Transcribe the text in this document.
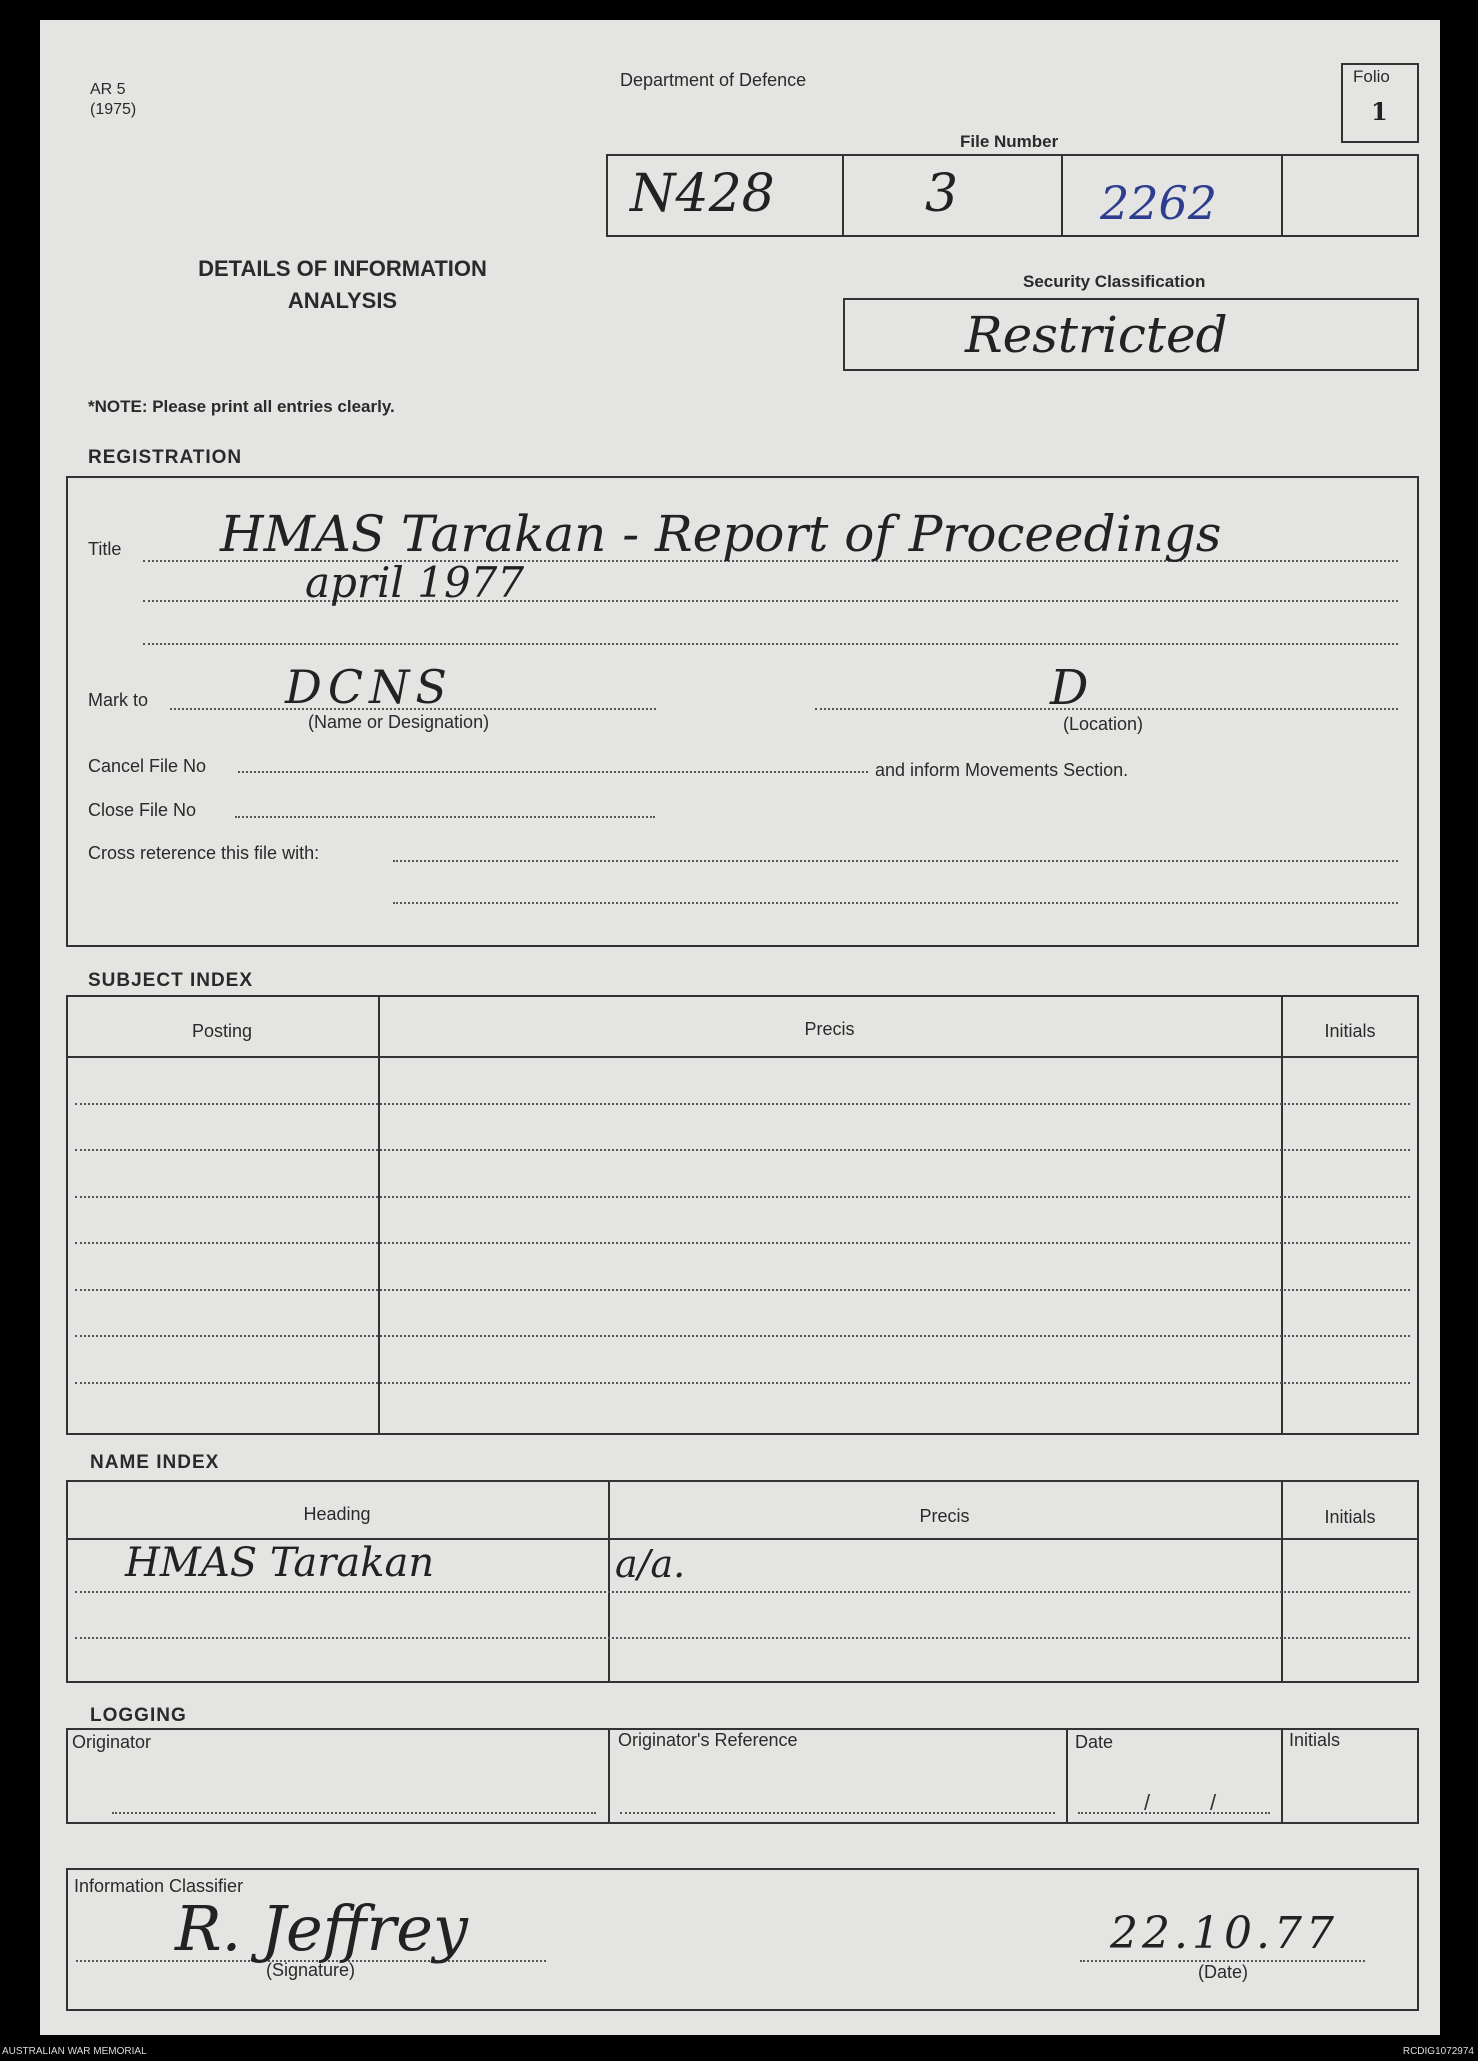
AR 5
(1975)
Department of Defence	Folio
1
File Number
N428	3	2262
DETAILS OF INFORMATION
ANALYSIS
Security Classification
Restricted
*NOTE: Please print all entries clearly.
REGISTRATION
Title HMAS Tarakan - Report of Proceedings
april 1977
Mark to	DCNS
(Name or Designation)
D
(Location)
Cancel File No	and inform Movements Section.
Close File No
Cross reterence this file with:
SUBJECT INDEX
Posting	Precis	Initials
NAME INDEX
Heading	Precis	Initials
HMAS Tarakan	a/a.
LOGGING
Originator	Originator's Reference	Date	Initials
/	/
Information Classifier
R. Jeffrey
(Signature)
22.10.77
(Date)
AUSTRALIAN WAR MEMORIAL	RCDIG1072974
